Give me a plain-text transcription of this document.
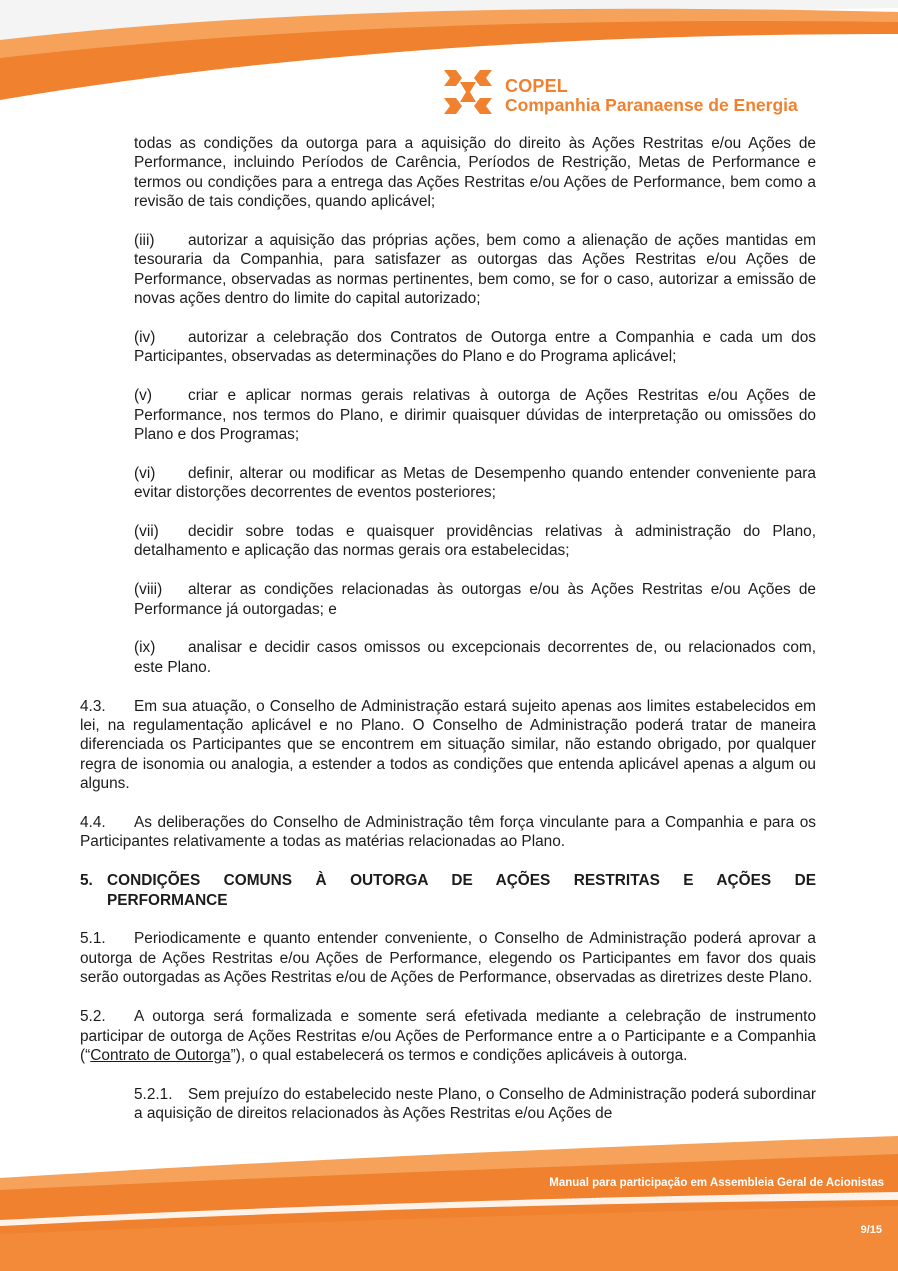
COPEL
Companhia Paranaense de Energia

todas as condições da outorga para a aquisição do direito às Ações Restritas e/ou Ações de Performance, incluindo Períodos de Carência, Períodos de Restrição, Metas de Performance e termos ou condições para a entrega das Ações Restritas e/ou Ações de Performance, bem como a revisão de tais condições, quando aplicável;

(iii) autorizar a aquisição das próprias ações, bem como a alienação de ações mantidas em tesouraria da Companhia, para satisfazer as outorgas das Ações Restritas e/ou Ações de Performance, observadas as normas pertinentes, bem como, se for o caso, autorizar a emissão de novas ações dentro do limite do capital autorizado;

(iv) autorizar a celebração dos Contratos de Outorga entre a Companhia e cada um dos Participantes, observadas as determinações do Plano e do Programa aplicável;

(v) criar e aplicar normas gerais relativas à outorga de Ações Restritas e/ou Ações de Performance, nos termos do Plano, e dirimir quaisquer dúvidas de interpretação ou omissões do Plano e dos Programas;

(vi) definir, alterar ou modificar as Metas de Desempenho quando entender conveniente para evitar distorções decorrentes de eventos posteriores;

(vii) decidir sobre todas e quaisquer providências relativas à administração do Plano, detalhamento e aplicação das normas gerais ora estabelecidas;

(viii) alterar as condições relacionadas às outorgas e/ou às Ações Restritas e/ou Ações de Performance já outorgadas; e

(ix) analisar e decidir casos omissos ou excepcionais decorrentes de, ou relacionados com, este Plano.

4.3. Em sua atuação, o Conselho de Administração estará sujeito apenas aos limites estabelecidos em lei, na regulamentação aplicável e no Plano. O Conselho de Administração poderá tratar de maneira diferenciada os Participantes que se encontrem em situação similar, não estando obrigado, por qualquer regra de isonomia ou analogia, a estender a todos as condições que entenda aplicável apenas a algum ou alguns.

4.4. As deliberações do Conselho de Administração têm força vinculante para a Companhia e para os Participantes relativamente a todas as matérias relacionadas ao Plano.

5. CONDIÇÕES COMUNS À OUTORGA DE AÇÕES RESTRITAS E AÇÕES DE

PERFORMANCE

5.1. Periodicamente e quanto entender conveniente, o Conselho de Administração poderá aprovar a outorga de Ações Restritas e/ou Ações de Performance, elegendo os Participantes em favor dos quais serão outorgadas as Ações Restritas e/ou de Ações de Performance, observadas as diretrizes deste Plano.

5.2. A outorga será formalizada e somente será efetivada mediante a celebração de instrumento participar de outorga de Ações Restritas e/ou Ações de Performance entre a o Participante e a Companhia (“Contrato de Outorga”), o qual estabelecerá os termos e condições aplicáveis à outorga.

5.2.1. Sem prejuízo do estabelecido neste Plano, o Conselho de Administração poderá subordinar a aquisição de direitos relacionados às Ações Restritas e/ou Ações de

Manual para participação em Assembleia Geral de Acionistas
9/15
